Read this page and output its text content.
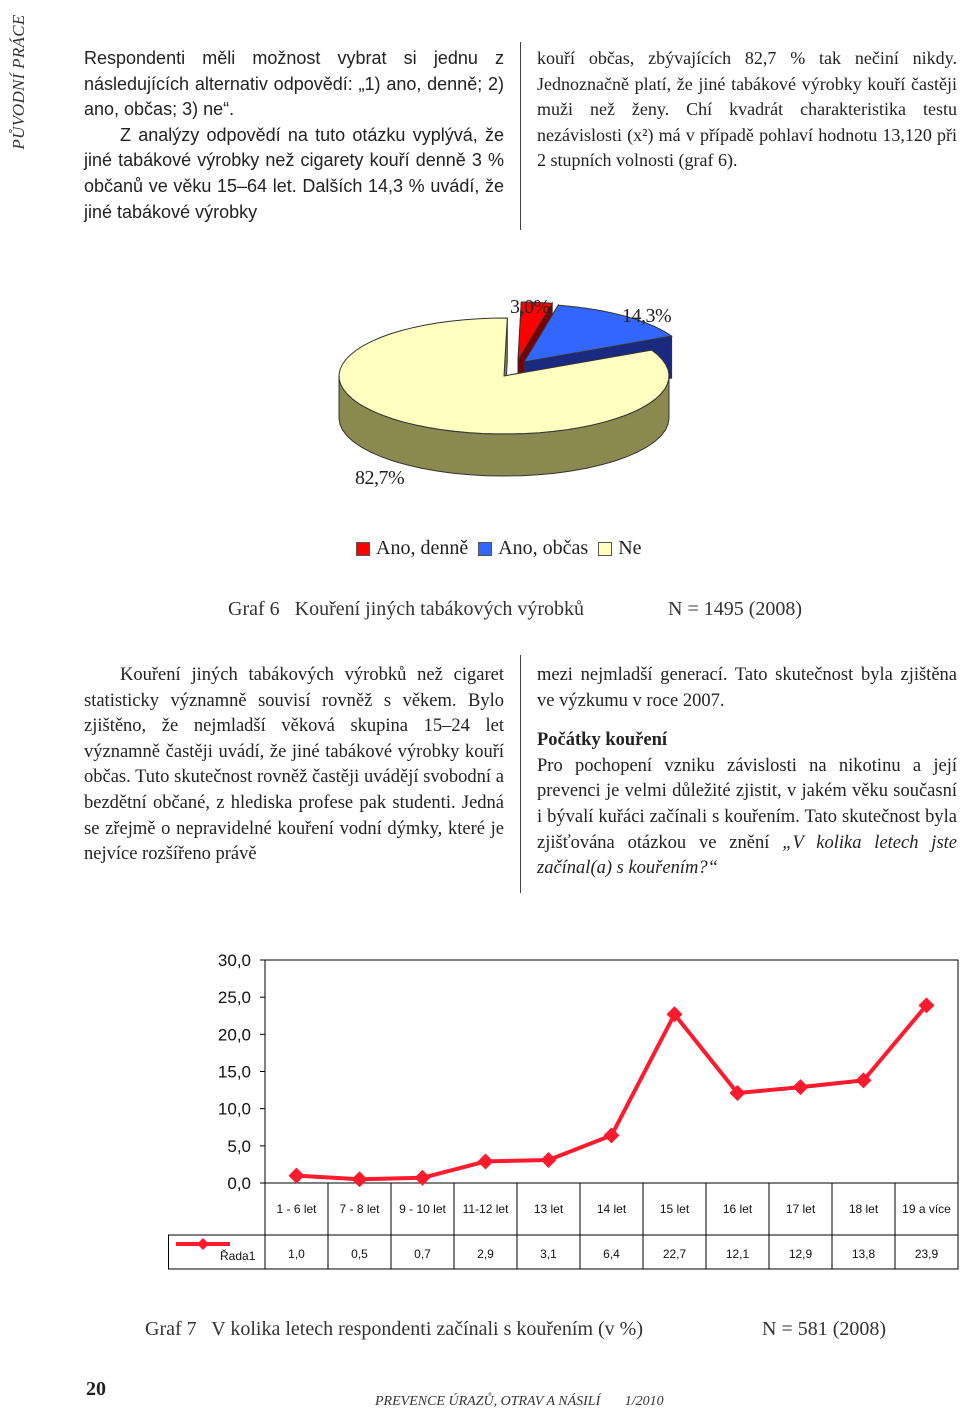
PŮVODNÍ PRÁCE	Respondenti měli možnost vybrat si jednu z následujících alternativ odpovědí: „1) ano, denně; 2) ano, občas; 3) ne“.

Z analýzy odpovědí na tuto otázku vyplývá, že jiné tabákové výrobky než cigarety kouří denně 3 % občanů ve věku 15–64 let. Dalších 14,3 % uvádí, že jiné tabákové výrobky

kouří občas, zbývajících 82,7 % tak nečiní nikdy. Jednoznačně platí, že jiné tabákové výrobky kouří častěji muži než ženy. Chí kvadrát charakteristika testu nezávislosti (x²) má v případě pohlaví hodnotu 13,120 při 2 stupních volnosti (graf 6).

3,0%	14,3%
82,7%
Ano, denně Ano, občas Ne
Graf 6 Kouření jiných tabákových výrobků	N = 1495 (2008)

Kouření jiných tabákových výrobků než cigaret statisticky významně souvisí rovněž s věkem. Bylo zjištěno, že nejmladší věková skupina 15–24 let významně častěji uvádí, že jiné tabákové výrobky kouří občas. Tuto skutečnost rovněž častěji uvádějí svobodní a bezdětní občané, z hlediska profese pak studenti. Jedná se zřejmě o nepravidelné kouření vodní dýmky, které je nejvíce rozšířeno právě

mezi nejmladší generací. Tato skutečnost byla zjištěna ve výzkumu v roce 2007.

Počátky kouření

Pro pochopení vzniku závislosti na nikotinu a její prevenci je velmi důležité zjistit, v jakém věku současní i bývalí kuřáci začínali s kouřením. Tato skutečnost byla zjišťována otázkou ve znění „V kolika letech jste začínal(a) s kouřením?“

0,0
5,0
10,0
15,0
20,0
25,0
30,0
1 - 6 let 7 - 8 let 9 - 10 let 11-12 let 13 let	14 let	15 let	16 let	17 let	18 let 19 a více
Řada1	1,0	0,5	0,7	2,9	3,1	6,4	22,7	12,1	12,9	13,8	23,9
Graf 7 V kolika letech respondenti začínali s kouřením (v %)	N = 581 (2008)
20
PREVENCE ÚRAZŮ, OTRAV A NÁSILÍ 1/2010
